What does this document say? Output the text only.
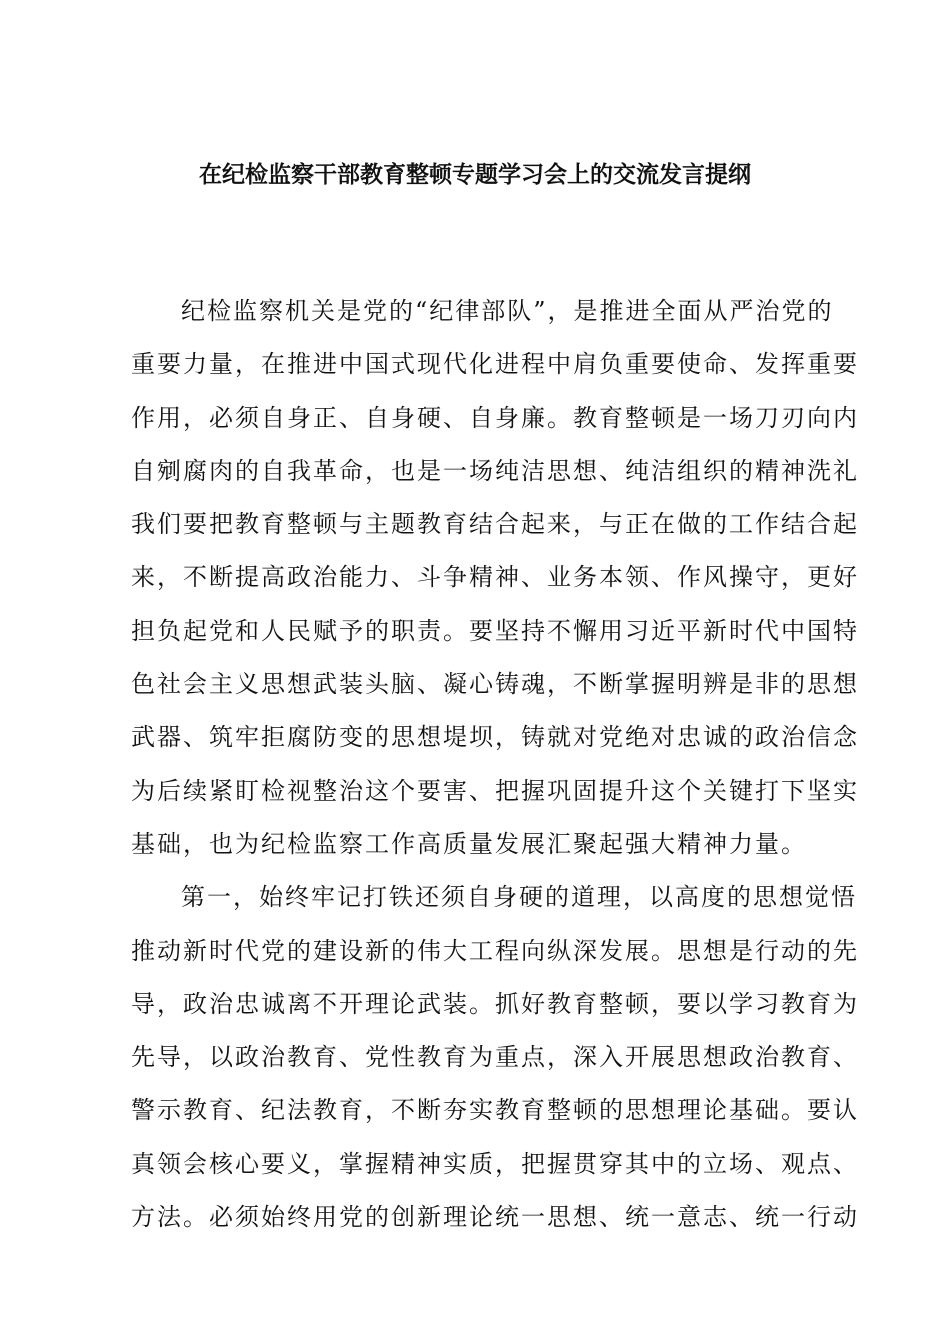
在纪检监察干部教育整顿专题学习会上的交流发言提纲
纪检监察机关是党的“纪律部队”，是推进全面从严治党的
重要力量，在推进中国式现代化进程中肩负重要使命、发挥重要
作用，必须自身正、自身硬、自身廉。教育整顿是一场刀刃向内
自剜腐肉的自我革命，也是一场纯洁思想、纯洁组织的精神洗礼
我们要把教育整顿与主题教育结合起来，与正在做的工作结合起
来，不断提高政治能力、斗争精神、业务本领、作风操守，更好
担负起党和人民赋予的职责。要坚持不懈用习近平新时代中国特
色社会主义思想武装头脑、凝心铸魂，不断掌握明辨是非的思想
武器、筑牢拒腐防变的思想堤坝，铸就对党绝对忠诚的政治信念
为后续紧盯检视整治这个要害、把握巩固提升这个关键打下坚实
基础，也为纪检监察工作高质量发展汇聚起强大精神力量。
第一，始终牢记打铁还须自身硬的道理，以高度的思想觉悟
推动新时代党的建设新的伟大工程向纵深发展。思想是行动的先
导，政治忠诚离不开理论武装。抓好教育整顿，要以学习教育为
先导，以政治教育、党性教育为重点，深入开展思想政治教育、
警示教育、纪法教育，不断夯实教育整顿的思想理论基础。要认
真领会核心要义，掌握精神实质，把握贯穿其中的立场、观点、
方法。必须始终用党的创新理论统一思想、统一意志、统一行动
